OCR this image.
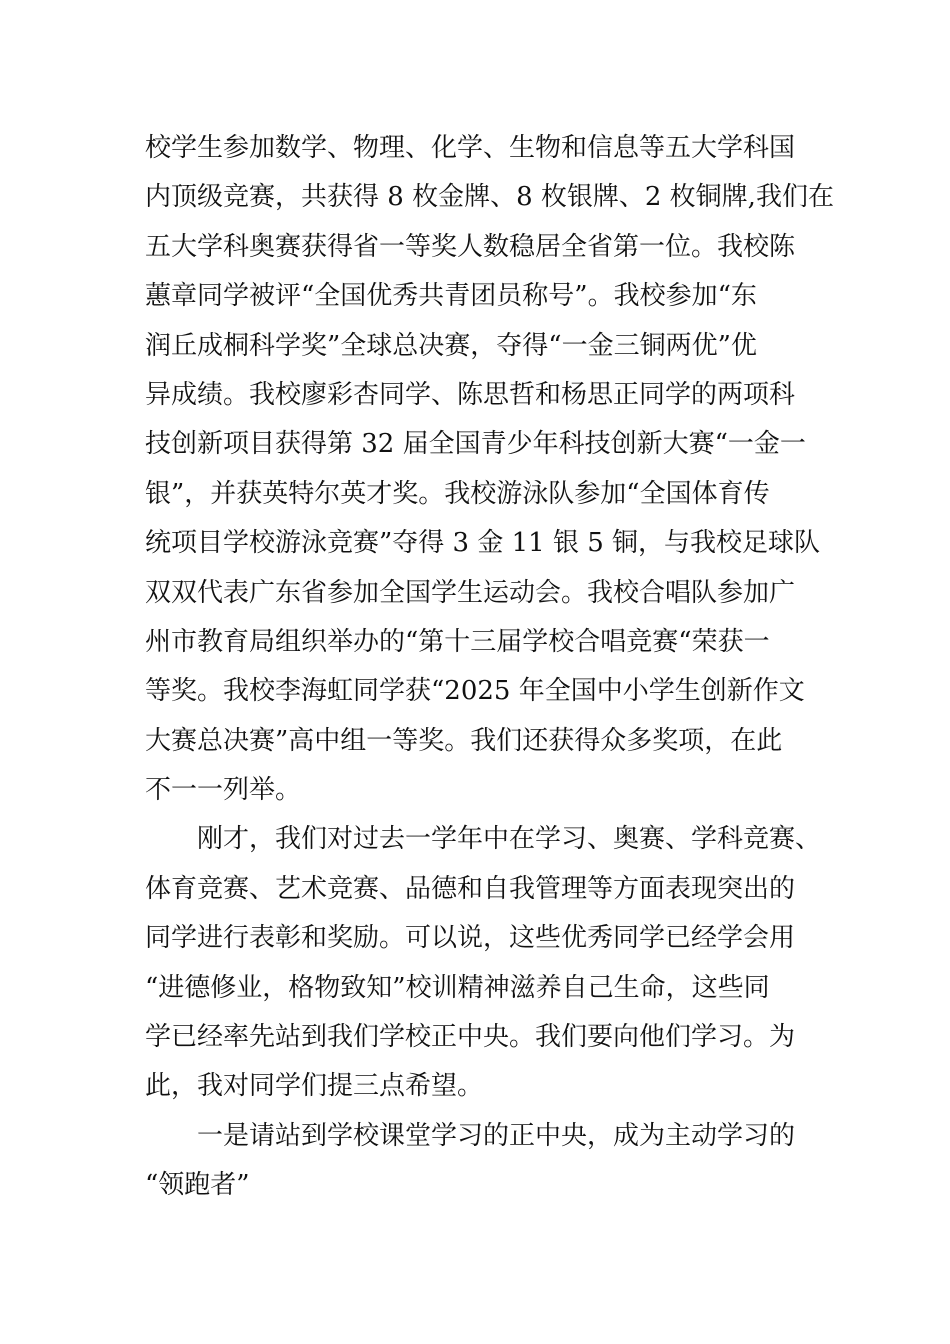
校学生参加数学、物理、化学、生物和信息等五大学科国
内顶级竞赛，共获得 8 枚金牌、8 枚银牌、2 枚铜牌,我们在
五大学科奥赛获得省一等奖人数稳居全省第一位。我校陈
蕙章同学被评“全国优秀共青团员称号”。我校参加“东
润丘成桐科学奖”全球总决赛，夺得“一金三铜两优”优
异成绩。我校廖彩杏同学、陈思哲和杨思正同学的两项科
技创新项目获得第 32 届全国青少年科技创新大赛“一金一
银”，并获英特尔英才奖。我校游泳队参加“全国体育传
统项目学校游泳竞赛”夺得 3 金 11 银 5 铜，与我校足球队
双双代表广东省参加全国学生运动会。我校合唱队参加广
州市教育局组织举办的“第十三届学校合唱竞赛“荣获一
等奖。我校李海虹同学获“2025 年全国中小学生创新作文
大赛总决赛”高中组一等奖。我们还获得众多奖项，在此
不一一列举。
刚才，我们对过去一学年中在学习、奥赛、学科竞赛、
体育竞赛、艺术竞赛、品德和自我管理等方面表现突出的
同学进行表彰和奖励。可以说，这些优秀同学已经学会用
“进德修业，格物致知”校训精神滋养自己生命，这些同
学已经率先站到我们学校正中央。我们要向他们学习。为
此，我对同学们提三点希望。
一是请站到学校课堂学习的正中央，成为主动学习的
“领跑者”
